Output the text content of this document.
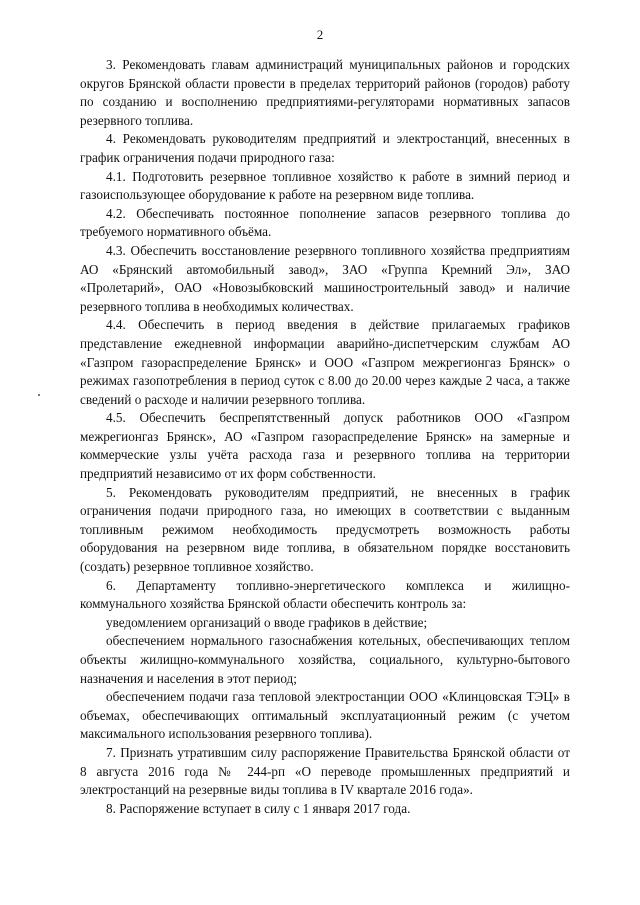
2

3. Рекомендовать главам администраций муниципальных районов и городских округов Брянской области провести в пределах территорий районов (городов) работу по созданию и восполнению предприятиями-регуляторами нормативных запасов резервного топлива.

4. Рекомендовать руководителям предприятий и электростанций, внесенных в график ограничения подачи природного газа:

4.1. Подготовить резервное топливное хозяйство к работе в зимний период и газоиспользующее оборудование к работе на резервном виде топлива.

4.2. Обеспечивать постоянное пополнение запасов резервного топлива до требуемого нормативного объёма.

4.3. Обеспечить восстановление резервного топливного хозяйства предприятиям АО «Брянский автомобильный завод», ЗАО «Группа Кремний Эл», ЗАО «Пролетарий», ОАО «Новозыбковский машиностроительный завод» и наличие резервного топлива в необходимых количествах.

4.4. Обеспечить в период введения в действие прилагаемых графиков представление ежедневной информации аварийно-диспетчерским службам АО «Газпром газораспределение Брянск» и ООО «Газпром межрегионгаз Брянск» о режимах газопотребления в период суток с 8.00 до 20.00 через каждые 2 часа, а также сведений о расходе и наличии резервного топлива.

4.5. Обеспечить беспрепятственный допуск работников ООО «Газпром межрегионгаз Брянск», АО «Газпром газораспределение Брянск» на замерные и коммерческие узлы учёта расхода газа и резервного топлива на территории предприятий независимо от их форм собственности.

5. Рекомендовать руководителям предприятий, не внесенных в график ограничения подачи природного газа, но имеющих в соответствии с выданным топливным режимом необходимость предусмотреть возможность работы оборудования на резервном виде топлива, в обязательном порядке восстановить (создать) резервное топливное хозяйство.

6. Департаменту топливно-энергетического комплекса и жилищно-коммунального хозяйства Брянской области обеспечить контроль за:

уведомлением организаций о вводе графиков в действие;

обеспечением нормального газоснабжения котельных, обеспечивающих теплом объекты жилищно-коммунального хозяйства, социального, культурно-бытового назначения и населения в этот период;

обеспечением подачи газа тепловой электростанции ООО «Клинцовская ТЭЦ» в объемах, обеспечивающих оптимальный эксплуатационный режим (с учетом максимального использования резервного топлива).

7. Признать утратившим силу распоряжение Правительства Брянской области от 8 августа 2016 года № 244-рп «О переводе промышленных предприятий и электростанций на резервные виды топлива в IV квартале 2016 года».

8. Распоряжение вступает в силу с 1 января 2017 года.
